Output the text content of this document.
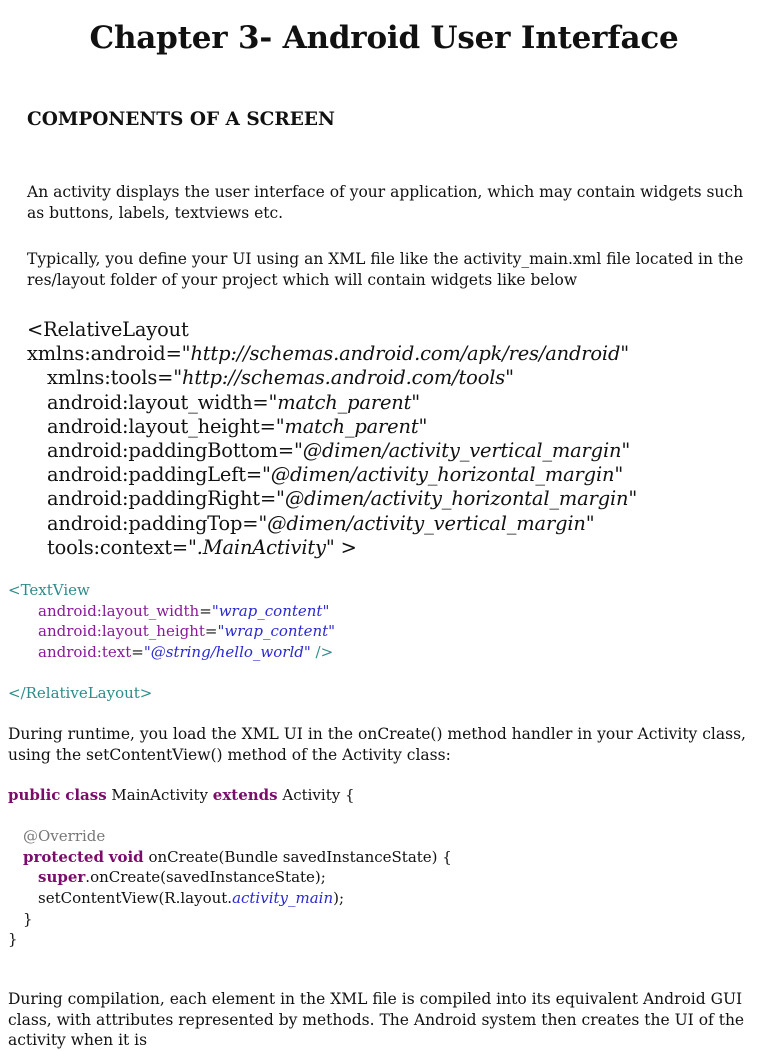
Chapter 3- Android User Interface
COMPONENTS OF A SCREEN
An activity displays the user interface of your application, which may contain widgets such as buttons, labels, textviews etc.
Typically, you define your UI using an XML file like the activity_main.xml file located in the res/layout folder of your project which will contain widgets like below
<RelativeLayout
xmlns:android="http://schemas.android.com/apk/res/android"
xmlns:tools="http://schemas.android.com/tools"
android:layout_width="match_parent"
android:layout_height="match_parent"
android:paddingBottom="@dimen/activity_vertical_margin"
android:paddingLeft="@dimen/activity_horizontal_margin"
android:paddingRight="@dimen/activity_horizontal_margin"
android:paddingTop="@dimen/activity_vertical_margin"
tools:context=".MainActivity" >
<TextView
android:layout_width="wrap_content"
android:layout_height="wrap_content"
android:text="@string/hello_world" />
</RelativeLayout>
During runtime, you load the XML UI in the onCreate() method handler in your Activity class, using the setContentView() method of the Activity class:
public class MainActivity extends Activity {
@Override
protected void onCreate(Bundle savedInstanceState) {
super.onCreate(savedInstanceState);
setContentView(R.layout.activity_main);
}
}
During compilation, each element in the XML file is compiled into its equivalent Android GUI class, with attributes represented by methods. The Android system then creates the UI of the activity when it is
